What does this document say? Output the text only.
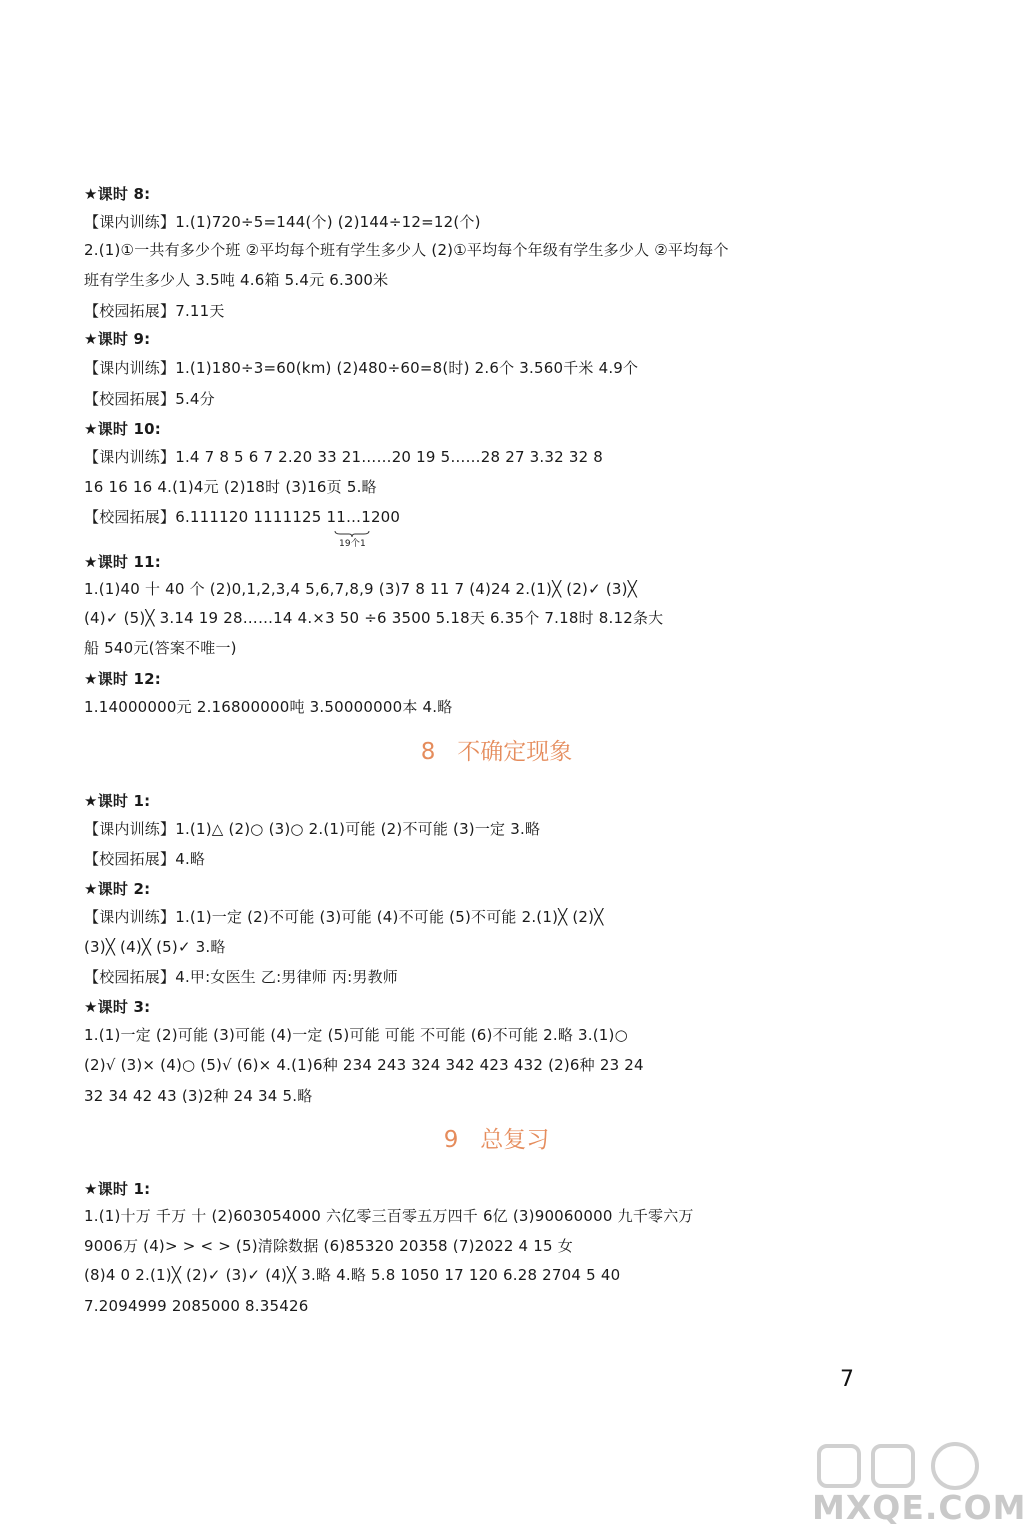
★课时 8:
【课内训练】1.(1)720÷5=144(个) (2)144÷12=12(个)
2.(1)①一共有多少个班 ②平均每个班有学生多少人 (2)①平均每个年级有学生多少人 ②平均每个
班有学生多少人 3.5吨 4.6箱 5.4元 6.300米
【校园拓展】7.11天
★课时 9:
【课内训练】1.(1)180÷3=60(km) (2)480÷60=8(时) 2.6个 3.560千米 4.9个
【校园拓展】5.4分
★课时 10:
【课内训练】1.4 7 8 5 6 7 2.20 33 21……20 19 5……28 27 3.32 32 8
16 16 16 4.(1)4元 (2)18时 (3)16页 5.略
【校园拓展】6.111120 1111125 11…1200
19个1
★课时 11:
1.(1)40 十 40 个 (2)0,1,2,3,4 5,6,7,8,9 (3)7 8 11 7 (4)24 2.(1)╳ (2)✓ (3)╳
(4)✓ (5)╳ 3.14 19 28……14 4.×3 50 ÷6 3500 5.18天 6.35个 7.18时 8.12条大
船 540元(答案不唯一)
★课时 12:
1.14000000元 2.16800000吨 3.50000000本 4.略
8   不确定现象
★课时 1:
【课内训练】1.(1)△ (2)○ (3)○ 2.(1)可能 (2)不可能 (3)一定 3.略
【校园拓展】4.略
★课时 2:
【课内训练】1.(1)一定 (2)不可能 (3)可能 (4)不可能 (5)不可能 2.(1)╳ (2)╳
(3)╳ (4)╳ (5)✓ 3.略
【校园拓展】4.甲:女医生 乙:男律师 丙:男教师
★课时 3:
1.(1)一定 (2)可能 (3)可能 (4)一定 (5)可能 可能 不可能 (6)不可能 2.略 3.(1)○
(2)√ (3)× (4)○ (5)√ (6)× 4.(1)6种 234 243 324 342 423 432 (2)6种 23 24
32 34 42 43 (3)2种 24 34 5.略
9   总复习
★课时 1:
1.(1)十万 千万 十 (2)603054000 六亿零三百零五万四千 6亿 (3)90060000 九千零六万
9006万 (4)> > < > (5)清除数据 (6)85320 20358 (7)2022 4 15 女
(8)4 0 2.(1)╳ (2)✓ (3)✓ (4)╳ 3.略 4.略 5.8 1050 17 120 6.28 2704 5 40
7.2094999 2085000 8.35426
7
MXQE.COM
